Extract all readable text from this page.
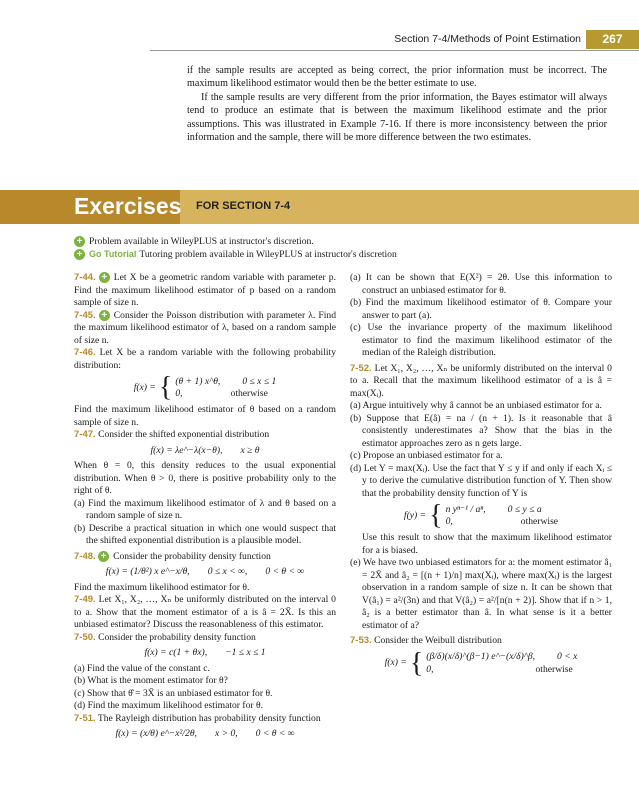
Section 7-4/Methods of Point Estimation	267

if the sample results are accepted as being correct, the prior information must be incorrect. The maximum likelihood estimator would then be the better estimate to use.

If the sample results are very different from the prior information, the Bayes estimator will always tend to produce an estimate that is between the maximum likelihood estimate and the prior assumptions. This was illustrated in Example 7-16. If there is more inconsistency between the prior information and the sample, there will be more difference between the two estimates.

Exercises FOR SECTION 7-4
+ Problem available in WileyPLUS at instructor's discretion.
+ Go Tutorial Tutoring problem available in WileyPLUS at instructor's discretion

7-44. + Let X be a geometric random variable with parameter p. Find the maximum likelihood estimator of p based on a random sample of size n.

7-45. + Consider the Poisson distribution with parameter λ. Find the maximum likelihood estimator of λ, based on a random sample of size n.

7-46. Let X be a random variable with the following probability distribution:

f(x) = { (θ + 1) x^θ, 0 ≤ x ≤ 1
0,	otherwise

Find the maximum likelihood estimator of θ based on a random sample of size n.

7-47. Consider the shifted exponential distribution

f(x) = λe^−λ(x−θ), x ≥ θ

When θ = 0, this density reduces to the usual exponential distribution. When θ > 0, there is positive probability only to the right of θ.

(a) Find the maximum likelihood estimator of λ and θ based on a random sample of size n.

(b) Describe a practical situation in which one would suspect that the shifted exponential distribution is a plausible model.

7-48. + Consider the probability density function

f(x) = (1/θ²) x e^−x/θ, 0 ≤ x < ∞, 0 < θ < ∞

Find the maximum likelihood estimator for θ.

7-49. Let X₁, X₂, …, Xₙ be uniformly distributed on the interval 0 to a. Show that the moment estimator of a is â = 2X̄. Is this an unbiased estimator? Discuss the reasonableness of this estimator.

7-50. Consider the probability density function

f(x) = c(1 + θx), −1 ≤ x ≤ 1

(a) Find the value of the constant c.

(b) What is the moment estimator for θ?

(c) Show that θ̂ = 3X̄ is an unbiased estimator for θ.

(d) Find the maximum likelihood estimator for θ.

7-51. The Rayleigh distribution has probability density function

f(x) = (x/θ) e^−x²/2θ, x > 0, 0 < θ < ∞

(a) It can be shown that E(X²) = 2θ. Use this information to construct an unbiased estimator for θ.

(b) Find the maximum likelihood estimator of θ. Compare your answer to part (a).

(c) Use the invariance property of the maximum likelihood estimator to find the maximum likelihood estimator of the median of the Raleigh distribution.

7-52. Let X₁, X₂, …, Xₙ be uniformly distributed on the interval 0 to a. Recall that the maximum likelihood estimator of a is â = max(Xᵢ).

(a) Argue intuitively why â cannot be an unbiased estimator for a.

(b) Suppose that E(â) = na / (n + 1). Is it reasonable that â consistently underestimates a? Show that the bias in the estimator approaches zero as n gets large.

(c) Propose an unbiased estimator for a.

(d) Let Y = max(Xᵢ). Use the fact that Y ≤ y if and only if each Xᵢ ≤ y to derive the cumulative distribution function of Y. Then show that the probability density function of Y is

f(y) = { n yⁿ⁻¹ / aⁿ, 0 ≤ y ≤ a
0,	otherwise

Use this result to show that the maximum likelihood estimator for a is biased.

(e) We have two unbiased estimators for a: the moment estimator â₁ = 2X̄ and â₂ = [(n + 1)/n] max(Xᵢ), where max(Xᵢ) is the largest observation in a random sample of size n. It can be shown that V(â₁) = a²/(3n) and that V(â₂) = a²/[n(n + 2)]. Show that if n > 1, â₂ is a better estimator than â. In what sense is it a better estimator of a?

7-53. Consider the Weibull distribution

f(x) = { (β/δ)(x/δ)^(β−1) e^−(x/δ)^β, 0 < x
0,	otherwise
